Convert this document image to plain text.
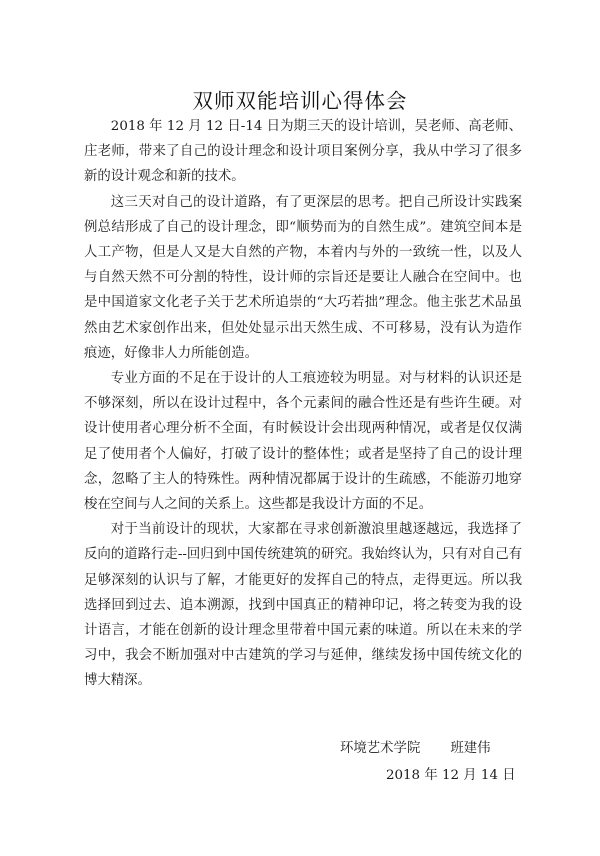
双师双能培训心得体会

2018 年 12 月 12 日-14 日为期三天的设计培训，吴老师、高老师、庄老师，带来了自己的设计理念和设计项目案例分享，我从中学习了很多新的设计观念和新的技术。

这三天对自己的设计道路，有了更深层的思考。把自己所设计实践案例总结形成了自己的设计理念，即“顺势而为的自然生成”。建筑空间本是人工产物，但是人又是大自然的产物，本着内与外的一致统一性，以及人与自然天然不可分割的特性，设计师的宗旨还是要让人融合在空间中。也是中国道家文化老子关于艺术所追崇的“大巧若拙”理念。他主张艺术品虽然由艺术家创作出来，但处处显示出天然生成、不可移易，没有认为造作痕迹，好像非人力所能创造。

专业方面的不足在于设计的人工痕迹较为明显。对与材料的认识还是不够深刻，所以在设计过程中，各个元素间的融合性还是有些许生硬。对设计使用者心理分析不全面，有时候设计会出现两种情况，或者是仅仅满足了使用者个人偏好，打破了设计的整体性；或者是坚持了自己的设计理念，忽略了主人的特殊性。两种情况都属于设计的生疏感，不能游刃地穿梭在空间与人之间的关系上。这些都是我设计方面的不足。

对于当前设计的现状，大家都在寻求创新激浪里越逐越远，我选择了反向的道路行走--回归到中国传统建筑的研究。我始终认为，只有对自己有足够深刻的认识与了解，才能更好的发挥自己的特点，走得更远。所以我选择回到过去、追本溯源，找到中国真正的精神印记，将之转变为我的设计语言，才能在创新的设计理念里带着中国元素的味道。所以在未来的学习中，我会不断加强对中古建筑的学习与延伸，继续发扬中国传统文化的博大精深。

环境艺术学院 班建伟
2018 年 12 月 14 日
